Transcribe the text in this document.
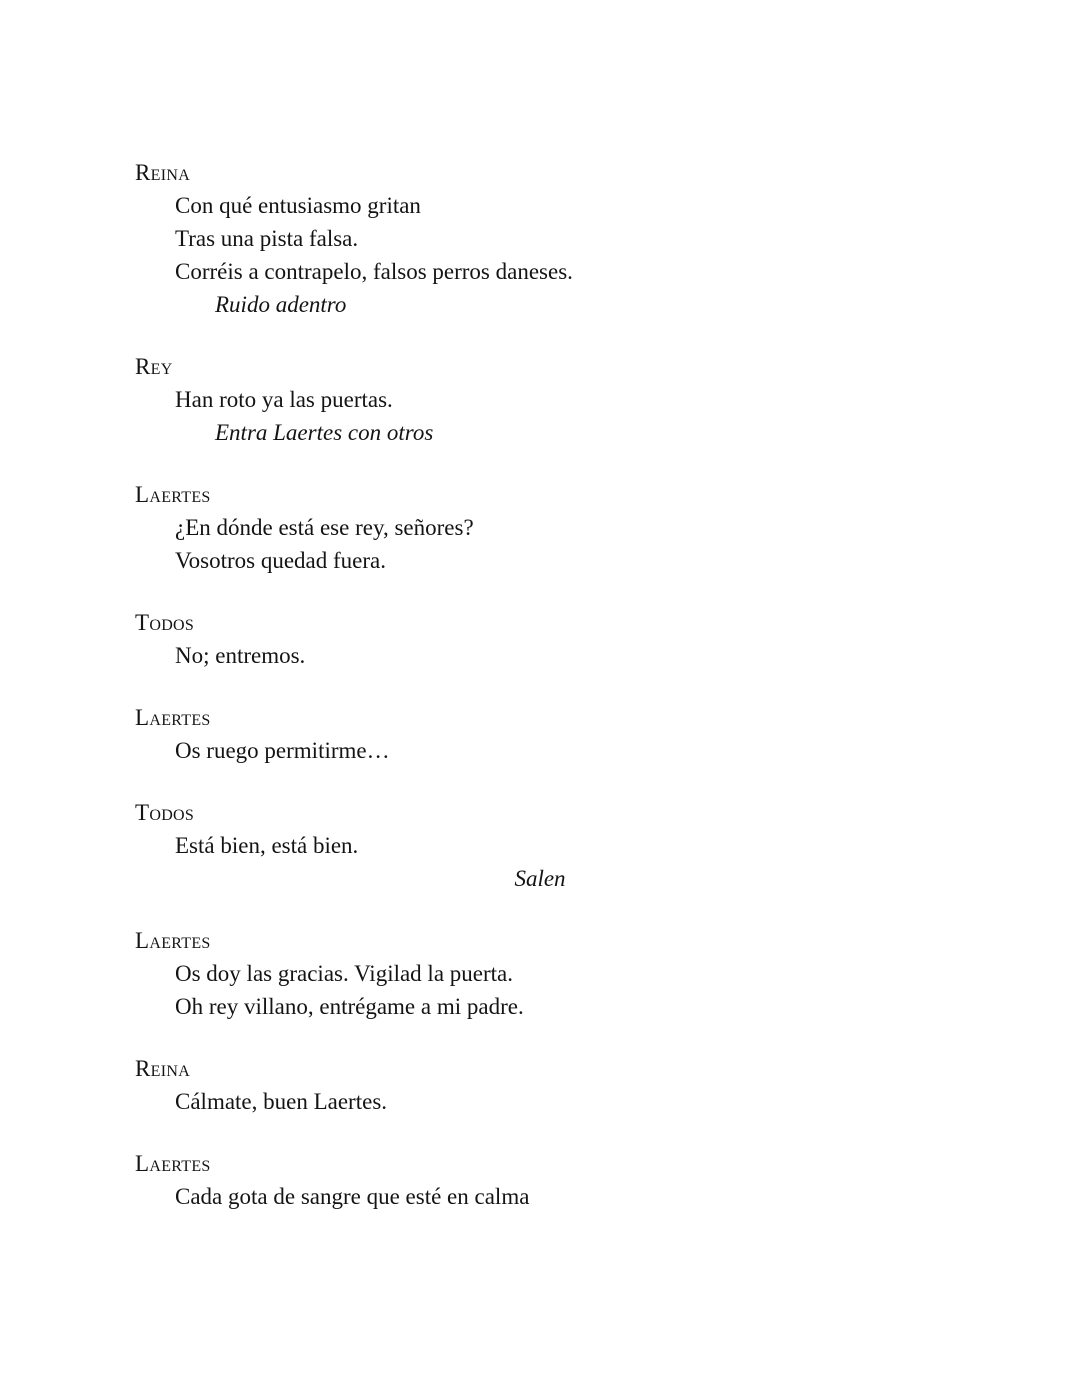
Reina
Con qué entusiasmo gritan
Tras una pista falsa.
Corréis a contrapelo, falsos perros daneses.
Ruido adentro
Rey
Han roto ya las puertas.
Entra Laertes con otros
Laertes
¿En dónde está ese rey, señores?
Vosotros quedad fuera.
Todos
No; entremos.
Laertes
Os ruego permitirme…
Todos
Está bien, está bien.
Salen
Laertes
Os doy las gracias. Vigilad la puerta.
Oh rey villano, entrégame a mi padre.
Reina
Cálmate, buen Laertes.
Laertes
Cada gota de sangre que esté en calma
